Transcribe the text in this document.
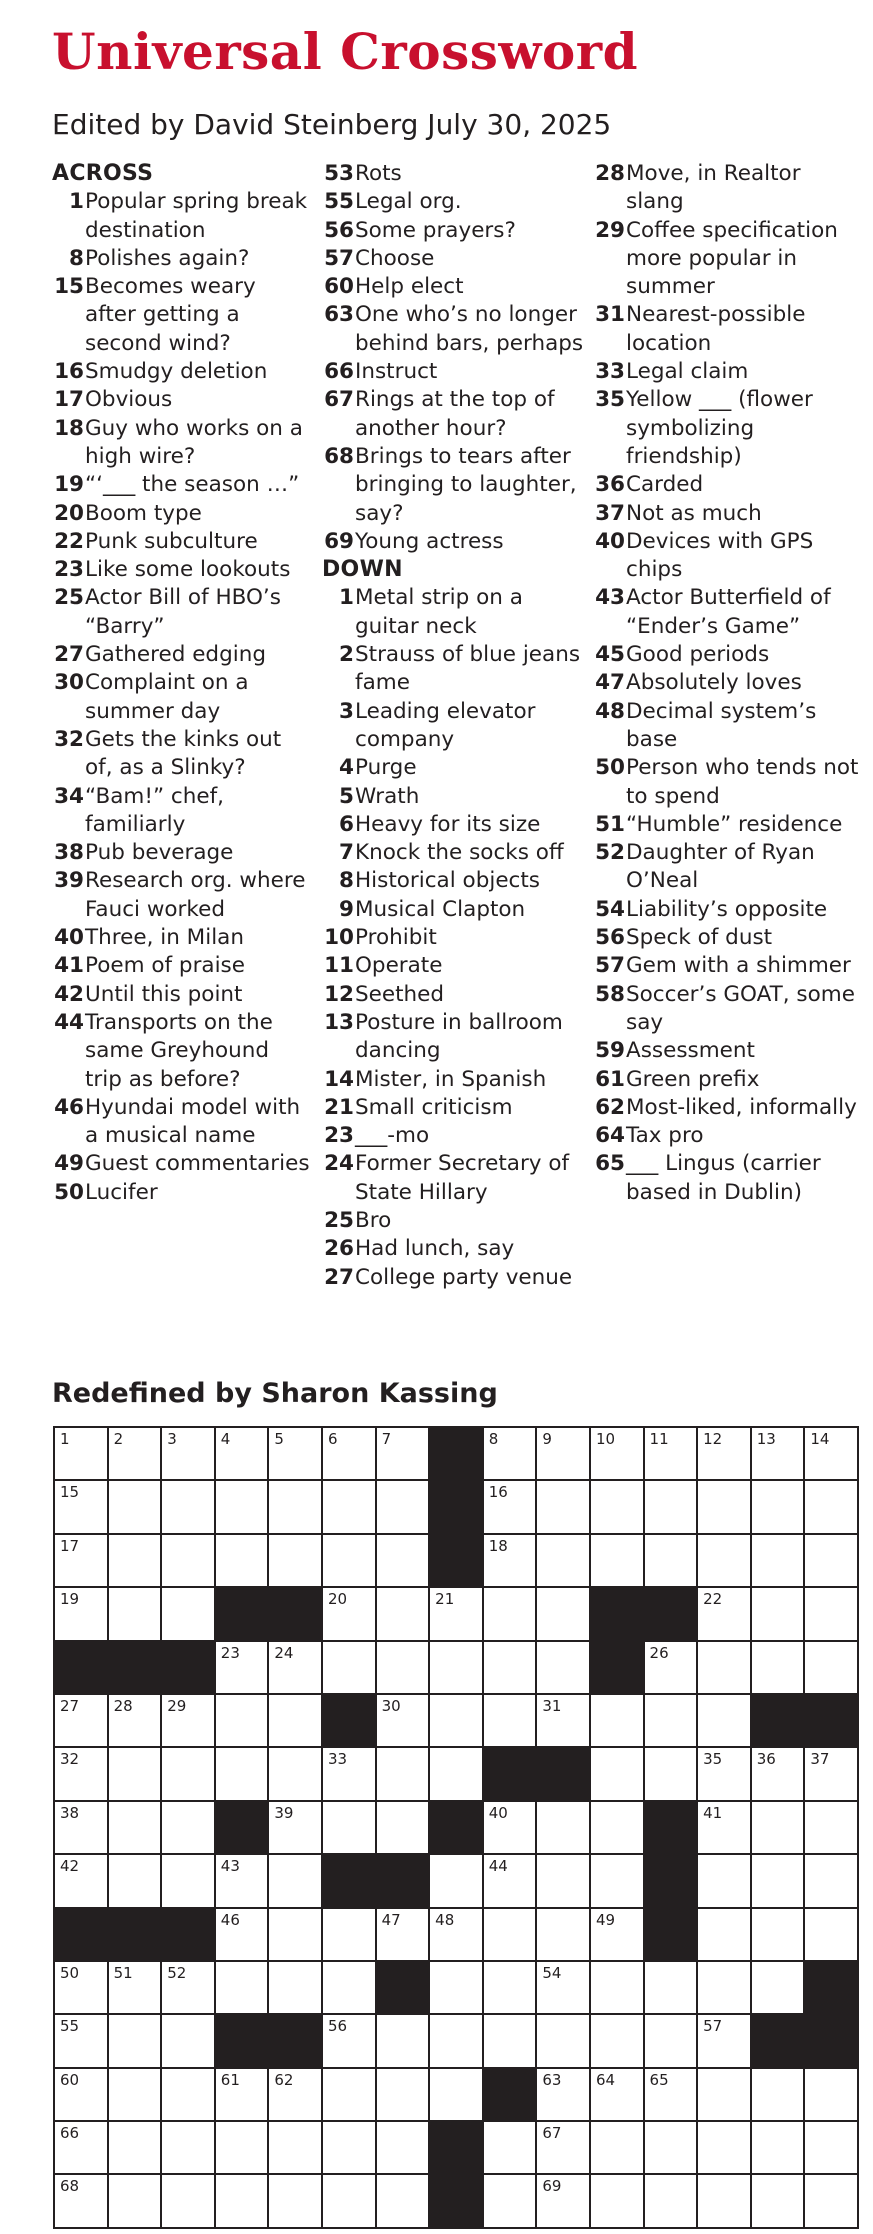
Universal Crossword
Edited by David Steinberg July 30, 2025
ACROSS
1 Popular spring break destination
8 Polishes again?
15 Becomes weary after getting a second wind?
16 Smudgy deletion
17 Obvious
18 Guy who works on a high wire?
19 “‘___ the season …”
20 Boom type
22 Punk subculture
23 Like some lookouts
25 Actor Bill of HBO’s “Barry”
27 Gathered edging
30 Complaint on a summer day
32 Gets the kinks out of, as a Slinky?
34 “Bam!” chef, familiarly
38 Pub beverage
39 Research org. where Fauci worked
40 Three, in Milan
41 Poem of praise
42 Until this point
44 Transports on the same Greyhound trip as before?
46 Hyundai model with a musical name
49 Guest commentaries
50 Lucifer
53 Rots
55 Legal org.
56 Some prayers?
57 Choose
60 Help elect
63 One who’s no longer behind bars, perhaps
66 Instruct
67 Rings at the top of another hour?
68 Brings to tears after bringing to laughter, say?
69 Young actress
DOWN
1 Metal strip on a guitar neck
2 Strauss of blue jeans fame
3 Leading elevator company
4 Purge
5 Wrath
6 Heavy for its size
7 Knock the socks off
8 Historical objects
9 Musical Clapton
10 Prohibit
11 Operate
12 Seethed
13 Posture in ballroom dancing
14 Mister, in Spanish
21 Small criticism
23 ___-mo
24 Former Secretary of State Hillary
25 Bro
26 Had lunch, say
27 College party venue
28 Move, in Realtor slang
29 Coffee specification more popular in summer
31 Nearest-possible location
33 Legal claim
35 Yellow ___ (flower symbolizing friendship)
36 Carded
37 Not as much
40 Devices with GPS chips
43 Actor Butterfield of “Ender’s Game”
45 Good periods
47 Absolutely loves
48 Decimal system’s base
50 Person who tends not to spend
51 “Humble” residence
52 Daughter of Ryan O’Neal
54 Liability’s opposite
56 Speck of dust
57 Gem with a shimmer
58 Soccer’s GOAT, some say
59 Assessment
61 Green prefix
62 Most-liked, informally
64 Tax pro
65 ___ Lingus (carrier based in Dublin)
Redefined by Sharon Kassing
1	2	3	4	5	6	7	8	9	10 11 12 13 14
15	16
17	18
19	20	21	22
23 24	26
27 28 29	30	31
32	33	35 36 37
38	39	40	41
42	43	44
46	47 48	49
50 51 52	54
55	56	57
60	61 62	63 64 65
66	67
68	69
